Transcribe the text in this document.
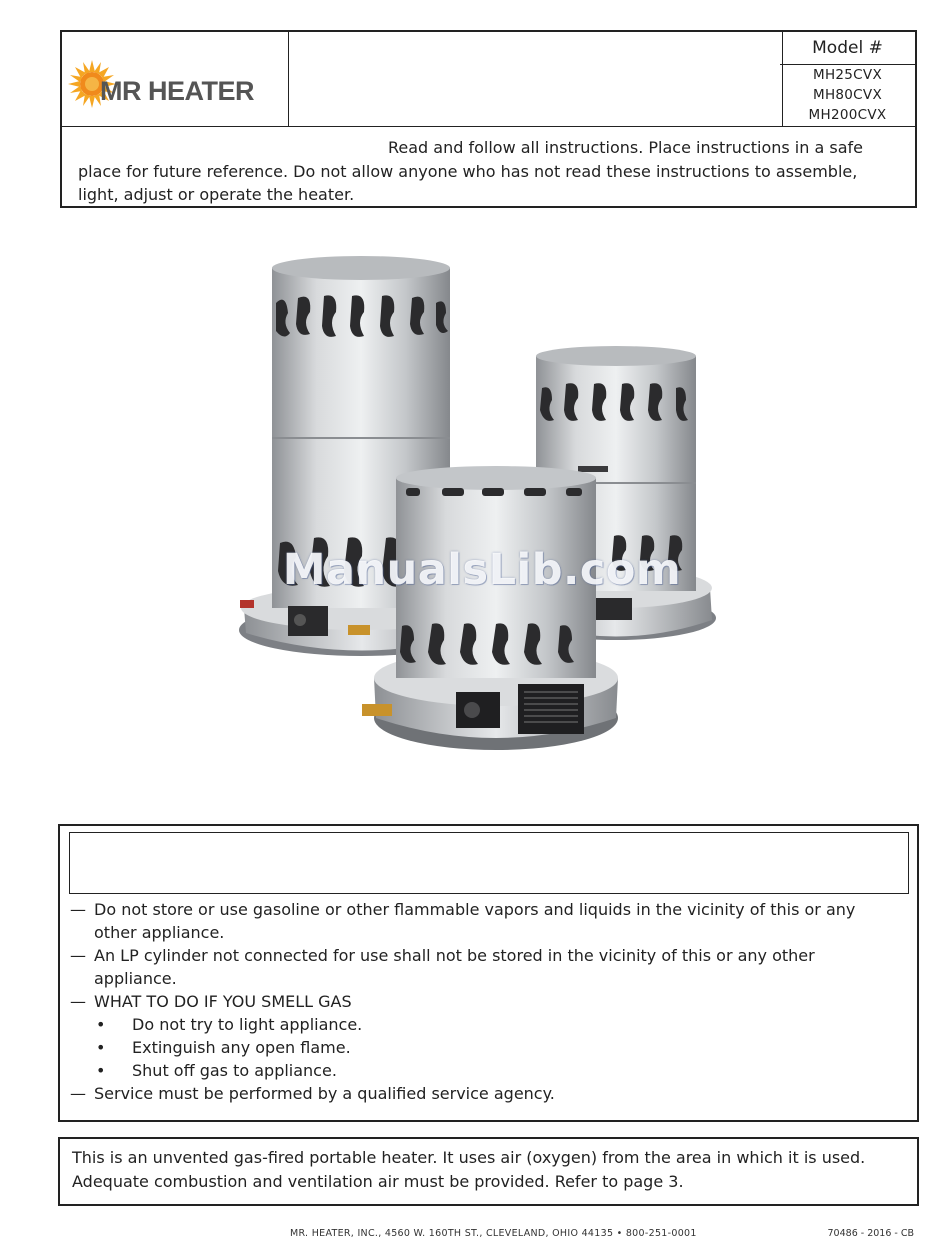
MR HEATER
Model #
MH25CVX
MH80CVX
MH200CVX
Read and follow all instructions. Place instructions in a safe
place for future reference. Do not allow anyone who has not read these instructions to assemble,
light, adjust or operate the heater.
ManualsLib.com
— Do not store or use gasoline or other flammable vapors and liquids in the vicinity of this or any
other appliance.
— An LP cylinder not connected for use shall not be stored in the vicinity of this or any other
appliance.
— WHAT TO DO IF YOU SMELL GAS
• Do not try to light appliance.
• Extinguish any open flame.
• Shut off gas to appliance.
— Service must be performed by a qualified service agency.
This is an unvented gas-fired portable heater. It uses air (oxygen) from the area in which it is used.
Adequate combustion and ventilation air must be provided. Refer to page 3.
MR. HEATER, INC., 4560 W. 160TH ST., CLEVELAND, OHIO 44135 • 800-251-0001	70486 - 2016 - CB
